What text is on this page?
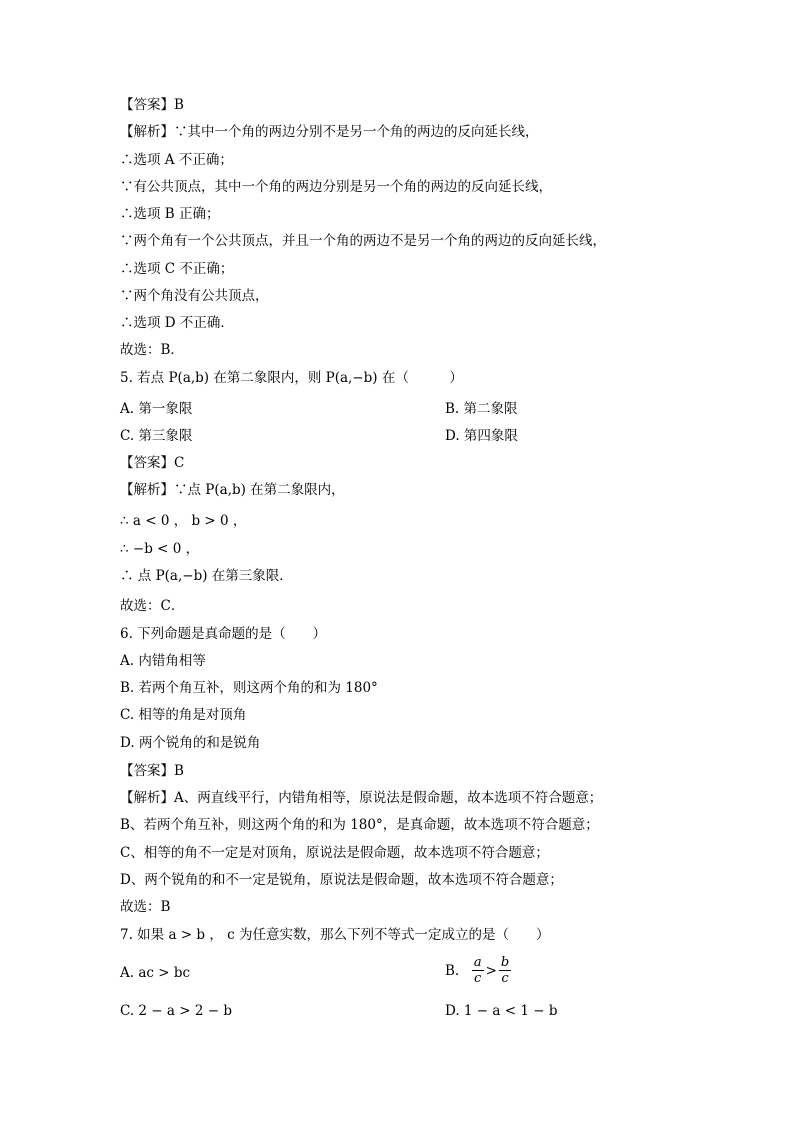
【答案】B
【解析】∵其中一个角的两边分别不是另一个角的两边的反向延长线，
∴选项 A 不正确；
∵有公共顶点，其中一个角的两边分别是另一个角的两边的反向延长线，
∴选项 B 正确；
∵两个角有一个公共顶点，并且一个角的两边不是另一个角的两边的反向延长线，
∴选项 C 不正确；
∵两个角没有公共顶点，
∴选项 D 不正确．
故选：B．
5. 若点 P(a,b) 在第二象限内，则 P(a,−b) 在（　　　）
A. 第一象限
C. 第三象限
【答案】C
【解析】∵点 P(a,b) 在第二象限内，
∴ a < 0 ， b > 0 ，
∴ −b < 0 ，
∴ 点 P(a,−b) 在第三象限．
故选：C．
6. 下列命题是真命题的是（　　）
A. 内错角相等
B. 若两个角互补，则这两个角的和为 180°
C. 相等的角是对顶角
D. 两个锐角的和是锐角
【答案】B
【解析】A、两直线平行，内错角相等，原说法是假命题，故本选项不符合题意；
B、若两个角互补，则这两个角的和为 180°，是真命题，故本选项不符合题意；
C、相等的角不一定是对顶角，原说法是假命题，故本选项不符合题意；
D、两个锐角的和不一定是锐角，原说法是假命题，故本选项不符合题意；
故选：B
7. 如果 a > b ， c 为任意实数，那么下列不等式一定成立的是（　　）
A. ac > bc
C. 2 − a > 2 − b
B. 第二象限
D. 第四象限
D. 1 − a < 1 − b
B.
$\frac{a}{c} > \frac{b}{c}$
